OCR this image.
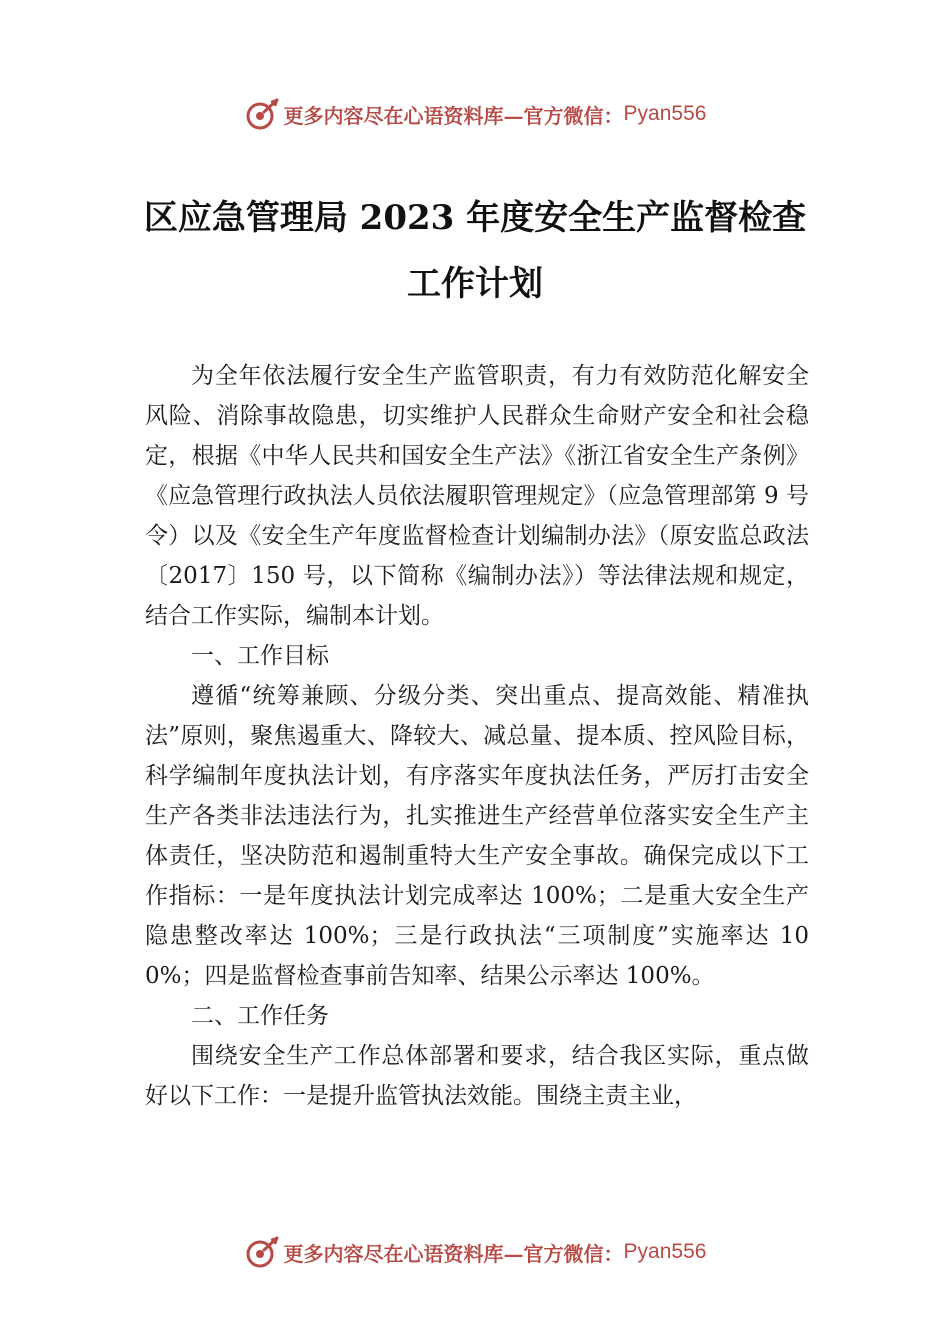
更多内容尽在心语资料库—官方微信： Pyan556
区应急管理局 2023 年度安全生产监督检查
工作计划

为全年依法履行安全生产监管职责，有力有效防范化解安全风险、消除事故隐患，切实维护人民群众生命财产安全和社会稳定，根据《中华人民共和国安全生产法》《浙江省安全生产条例》《应急管理行政执法人员依法履职管理规定》（应急管理部第 9 号令）以及《安全生产年度监督检查计划编制办法》（原安监总政法〔2017〕150 号，以下简称《编制办法》）等法律法规和规定，结合工作实际，编制本计划。

一、工作目标

遵循“统筹兼顾、分级分类、突出重点、提高效能、精准执法”原则，聚焦遏重大、降较大、减总量、提本质、控风险目标，科学编制年度执法计划，有序落实年度执法任务，严厉打击安全生产各类非法违法行为，扎实推进生产经营单位落实安全生产主体责任，坚决防范和遏制重特大生产安全事故。确保完成以下工作指标：一是年度执法计划完成率达 100%；二是重大安全生产隐患整改率达 100%；三是行政执法“三项制度”实施率达 100%；四是监督检查事前告知率、结果公示率达 100%。

二、工作任务

围绕安全生产工作总体部署和要求，结合我区实际，重点做好以下工作：一是提升监管执法效能。围绕主责主业，

更多内容尽在心语资料库—官方微信： Pyan556
